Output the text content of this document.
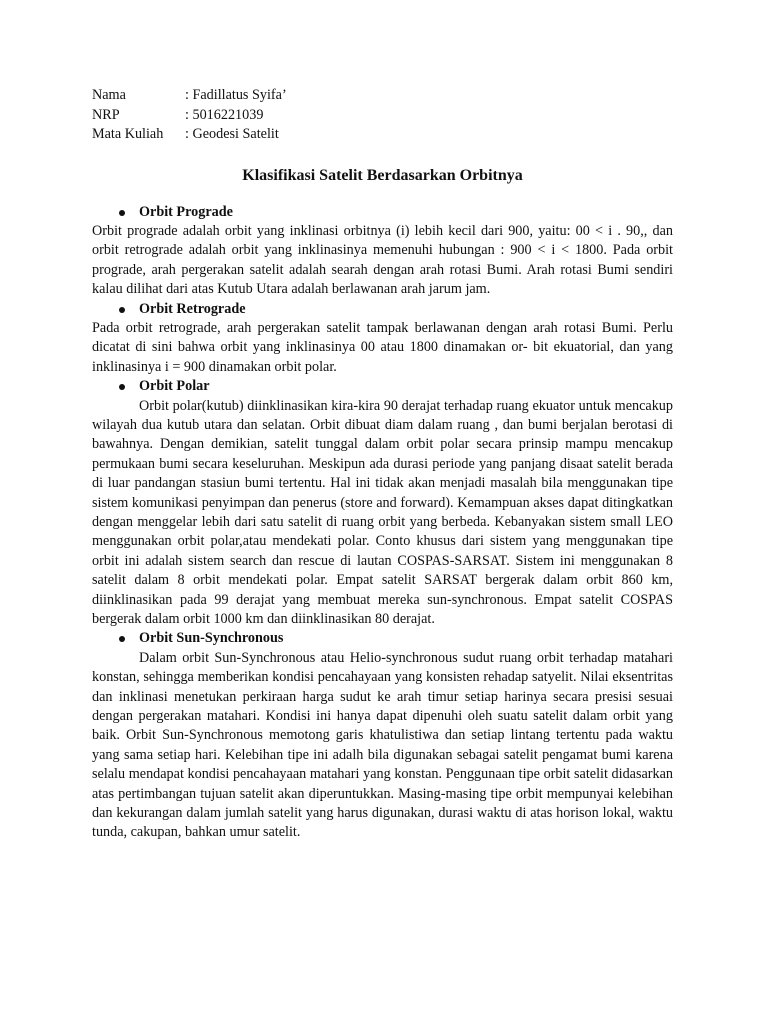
Nama	: Fadillatus Syifa’
NRP	: 5016221039
Mata Kuliah	: Geodesi Satelit
Klasifikasi Satelit Berdasarkan Orbitnya
Orbit Prograde

Orbit prograde adalah orbit yang inklinasi orbitnya (i) lebih kecil dari 900, yaitu: 00 < i . 90,, dan orbit retrograde adalah orbit yang inklinasinya memenuhi hubungan : 900 < i < 1800. Pada orbit prograde, arah pergerakan satelit adalah searah dengan arah rotasi Bumi. Arah rotasi Bumi sendiri kalau dilihat dari atas Kutub Utara adalah berlawanan arah jarum jam.

Orbit Retrograde

Pada orbit retrograde, arah pergerakan satelit tampak berlawanan dengan arah rotasi Bumi. Perlu dicatat di sini bahwa orbit yang inklinasinya 00 atau 1800 dinamakan or- bit ekuatorial, dan yang inklinasinya i = 900 dinamakan orbit polar.

Orbit Polar

Orbit polar(kutub) diinklinasikan kira-kira 90 derajat terhadap ruang ekuator untuk mencakup wilayah dua kutub utara dan selatan. Orbit dibuat diam dalam ruang , dan bumi berjalan berotasi di bawahnya. Dengan demikian, satelit tunggal dalam orbit polar secara prinsip mampu mencakup permukaan bumi secara keseluruhan. Meskipun ada durasi periode yang panjang disaat satelit berada di luar pandangan stasiun bumi tertentu. Hal ini tidak akan menjadi masalah bila menggunakan tipe sistem komunikasi penyimpan dan penerus (store and forward). Kemampuan akses dapat ditingkatkan dengan menggelar lebih dari satu satelit di ruang orbit yang berbeda. Kebanyakan sistem small LEO menggunakan orbit polar,atau mendekati polar. Conto khusus dari sistem yang menggunakan tipe orbit ini adalah sistem search dan rescue di lautan COSPAS-SARSAT. Sistem ini menggunakan 8 satelit dalam 8 orbit mendekati polar. Empat satelit SARSAT bergerak dalam orbit 860 km, diinklinasikan pada 99 derajat yang membuat mereka sun-synchronous. Empat satelit COSPAS bergerak dalam orbit 1000 km dan diinklinasikan 80 derajat.

Orbit Sun-Synchronous

Dalam orbit Sun-Synchronous atau Helio-synchronous sudut ruang orbit terhadap matahari konstan, sehingga memberikan kondisi pencahayaan yang konsisten rehadap satyelit. Nilai eksentritas dan inklinasi menetukan perkiraan harga sudut ke arah timur setiap harinya secara presisi sesuai dengan pergerakan matahari. Kondisi ini hanya dapat dipenuhi oleh suatu satelit dalam orbit yang baik. Orbit Sun-Synchronous memotong garis khatulistiwa dan setiap lintang tertentu pada waktu yang sama setiap hari. Kelebihan tipe ini adalh bila digunakan sebagai satelit pengamat bumi karena selalu mendapat kondisi pencahayaan matahari yang konstan. Penggunaan tipe orbit satelit didasarkan atas pertimbangan tujuan satelit akan diperuntukkan. Masing-masing tipe orbit mempunyai kelebihan dan kekurangan dalam jumlah satelit yang harus digunakan, durasi waktu di atas horison lokal, waktu tunda, cakupan, bahkan umur satelit.
